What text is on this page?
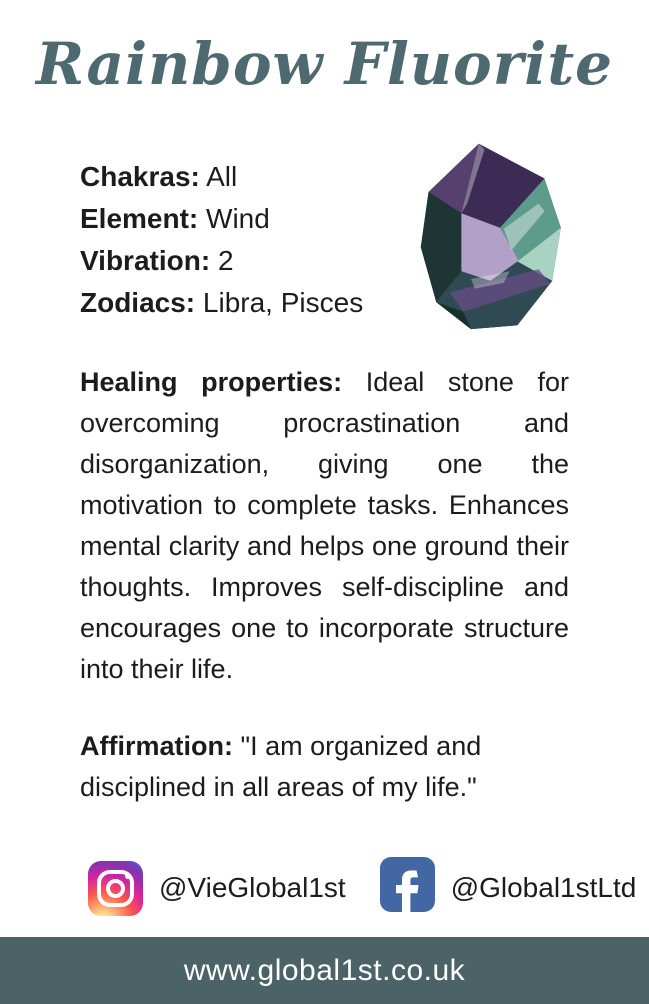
Rainbow Fluorite
Chakras: All
Element: Wind
Vibration: 2
Zodiacs: Libra, Pisces

Healing properties: Ideal stone for overcoming procrastination and disorganization, giving one the motivation to complete tasks. Enhances mental clarity and helps one ground their thoughts. Improves self-discipline and encourages one to incorporate structure into their life.

Affirmation: "I am organized and disciplined in all areas of my life."

@VieGlobal1st	@Global1stLtd
www.global1st.co.uk
